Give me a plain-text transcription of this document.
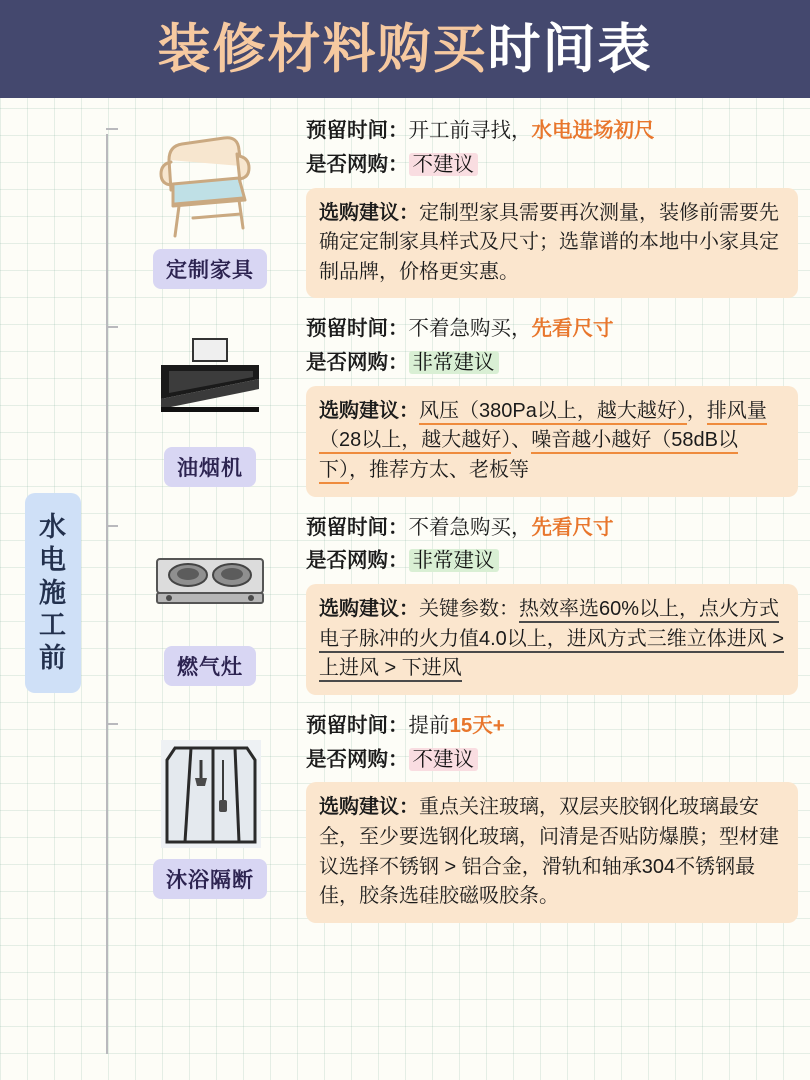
装修材料购买时间表
水电施工前
定制家具
预留时间：开工前寻找，水电进场初尺
是否网购： 不建议
选购建议：定制型家具需要再次测量，装修前需要先确定定制家具样式及尺寸；选靠谱的本地中小家具定制品牌，价格更实惠。
油烟机
预留时间：不着急购买，先看尺寸
是否网购： 非常建议
选购建议：风压（380Pa以上，越大越好），排风量（28以上，越大越好）、噪音越小越好（58dB以下），推荐方太、老板等
燃气灶
预留时间：不着急购买，先看尺寸
是否网购： 非常建议
选购建议：关键参数：热效率选60%以上，点火方式电子脉冲的火力值4.0以上，进风方式三维立体进风 > 上进风 > 下进风
沐浴隔断
预留时间：提前15天+
是否网购： 不建议
选购建议：重点关注玻璃，双层夹胶钢化玻璃最安全，至少要选钢化玻璃，问清是否贴防爆膜；型材建议选择不锈钢 > 铝合金，滑轨和轴承304不锈钢最佳，胶条选硅胶磁吸胶条。
